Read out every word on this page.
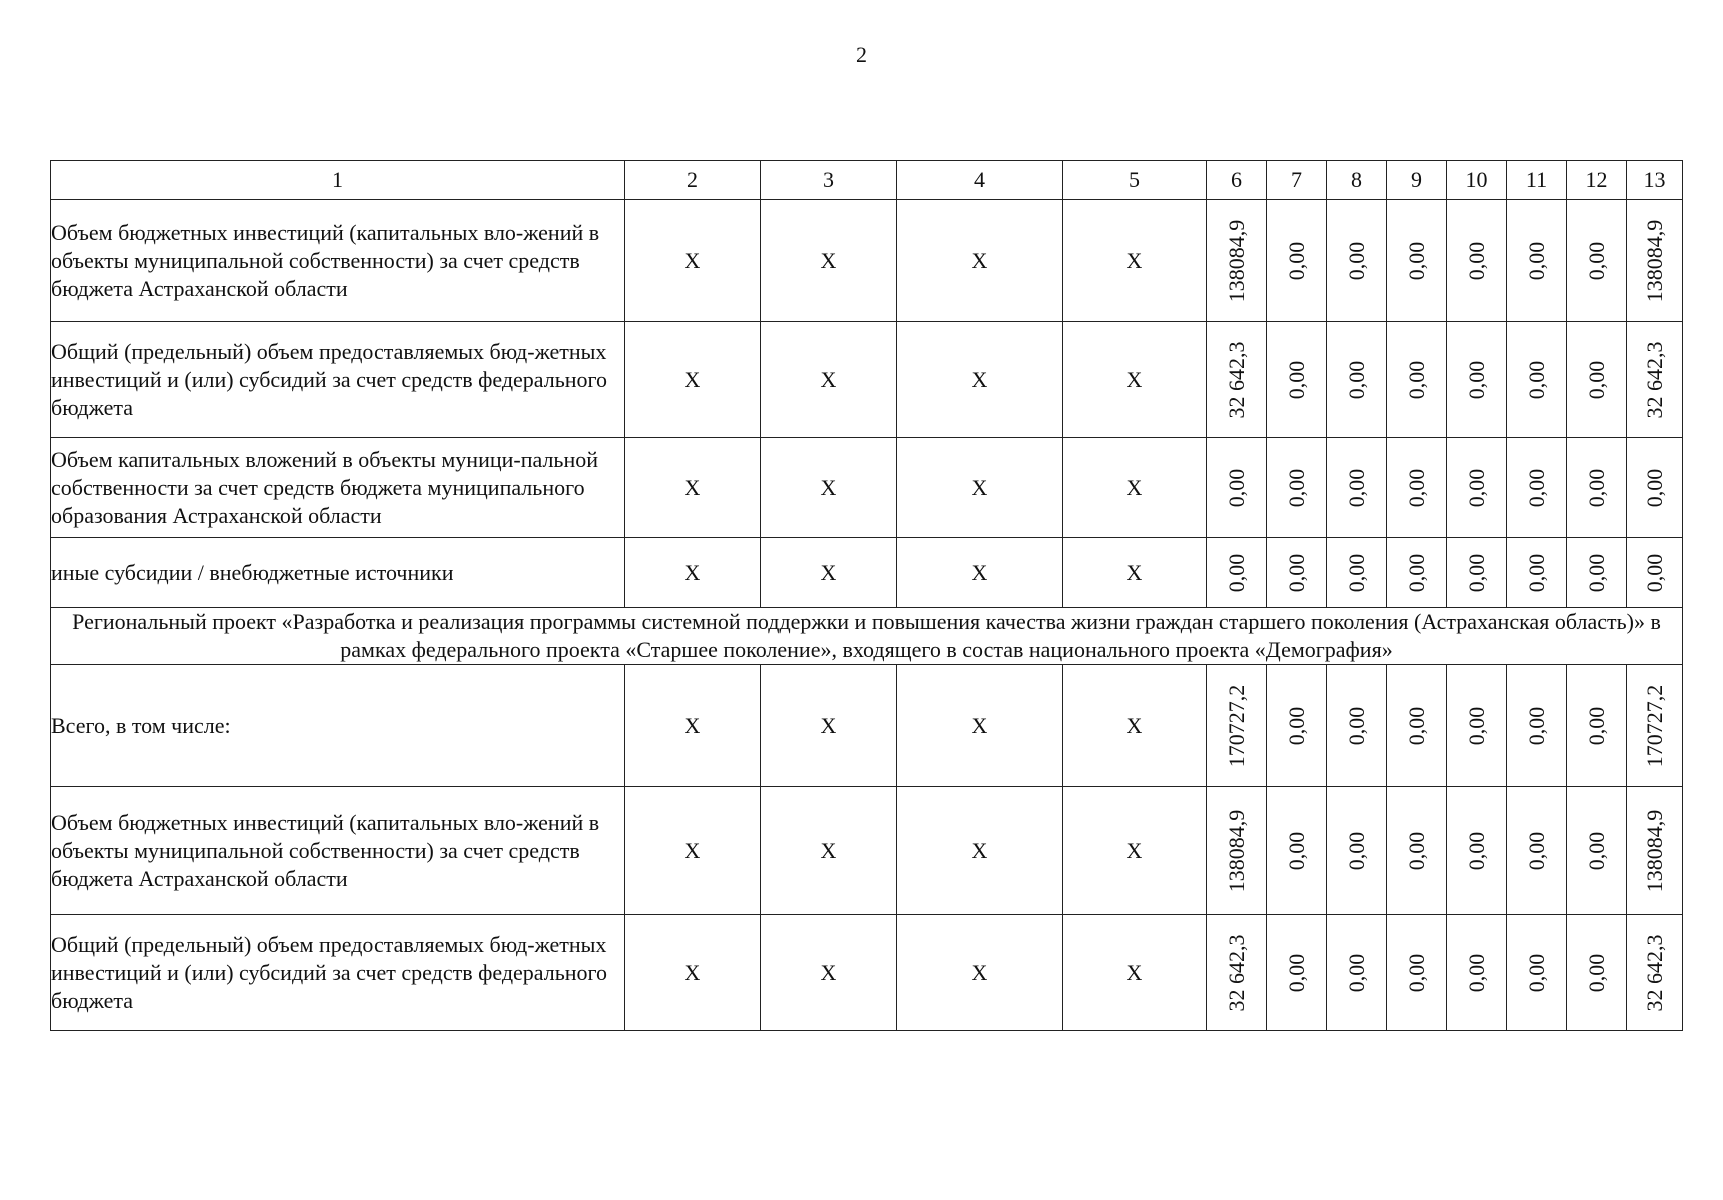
2
1	2	3	4	5	6	7	8	9	10	11	12	13
Объем бюджетных инвестиций (капитальных вло-жений в объекты муниципальной собственности) за счет средств бюджета Астраханской области	Х	Х	Х	Х	138084,9	0,00	0,00	0,00	0,00	0,00	0,00	138084,9

Общий (предельный) объем предоставляемых бюд-жетных инвестиций и (или) субсидий за счет средств федерального бюджета	Х	Х	Х	Х	32 642,3	0,00	0,00	0,00	0,00	0,00	0,00	32 642,3

Объем капитальных вложений в объекты муници-пальной собственности за счет средств бюджета муниципального образования Астраханской области	Х	Х	Х	Х	0,00	0,00	0,00	0,00	0,00	0,00	0,00	0,00

иные субсидии / внебюджетные источники	Х	Х	Х	Х	0,00	0,00	0,00	0,00	0,00	0,00	0,00	0,00

Региональный проект «Разработка и реализация программы системной поддержки и повышения качества жизни граждан старшего поколения (Астраханская область)» в рамках федерального проекта «Старшее поколение», входящего в состав национального проекта «Демография»												
Всего, в том числе:	Х	Х	Х	Х	170727,2	0,00	0,00	0,00	0,00	0,00	0,00	170727,2

Объем бюджетных инвестиций (капитальных вло-жений в объекты муниципальной собственности) за счет средств бюджета Астраханской области	Х	Х	Х	Х	138084,9	0,00	0,00	0,00	0,00	0,00	0,00	138084,9

Общий (предельный) объем предоставляемых бюд-жетных инвестиций и (или) субсидий за счет средств федерального бюджета	Х	Х	Х	Х	32 642,3	0,00	0,00	0,00	0,00	0,00	0,00	32 642,3
